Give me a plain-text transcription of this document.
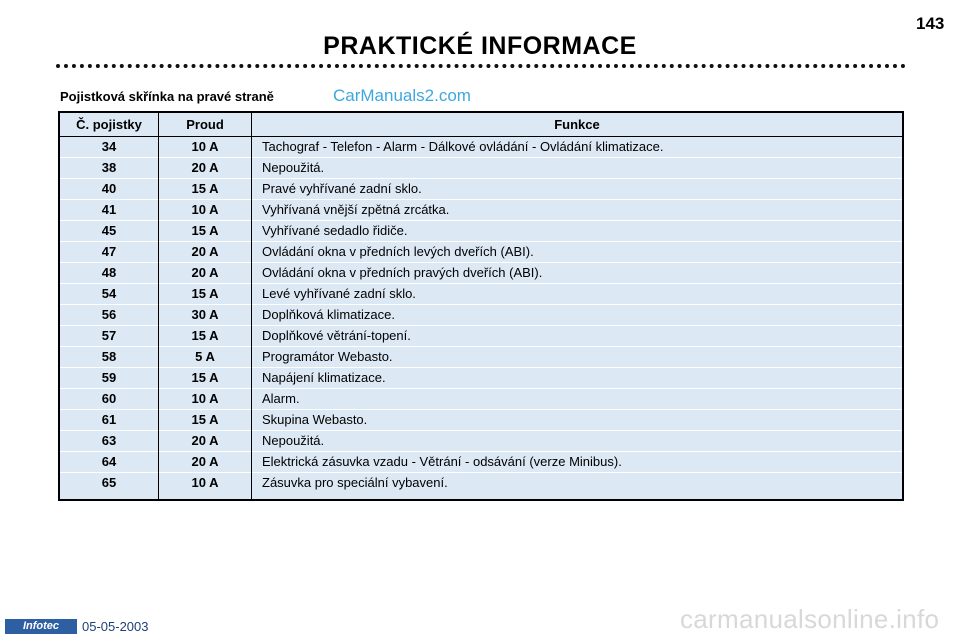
143
PRAKTICKÉ INFORMACE
Pojistková skřínka na pravé straně	CarManuals2.com
Č. pojistky	Proud	Funkce
34	10 A	Tachograf - Telefon - Alarm - Dálkové ovládání - Ovládání klimatizace.
38	20 A	Nepoužitá.
40	15 A	Pravé vyhřívané zadní sklo.
41	10 A	Vyhřívaná vnější zpětná zrcátka.
45	15 A	Vyhřívané sedadlo řidiče.
47	20 A	Ovládání okna v předních levých dveřích (ABI).
48	20 A	Ovládání okna v předních pravých dveřích (ABI).
54	15 A	Levé vyhřívané zadní sklo.
56	30 A	Doplňková klimatizace.
57	15 A	Doplňkové větrání-topení.
58	5 A	Programátor Webasto.
59	15 A	Napájení klimatizace.
60	10 A	Alarm.
61	15 A	Skupina Webasto.
63	20 A	Nepoužitá.
64	20 A	Elektrická zásuvka vzadu - Větrání - odsávání (verze Minibus).
65	10 A	Zásuvka pro speciální vybavení.
Infotec	05-05-2003	carmanualsonline.info
